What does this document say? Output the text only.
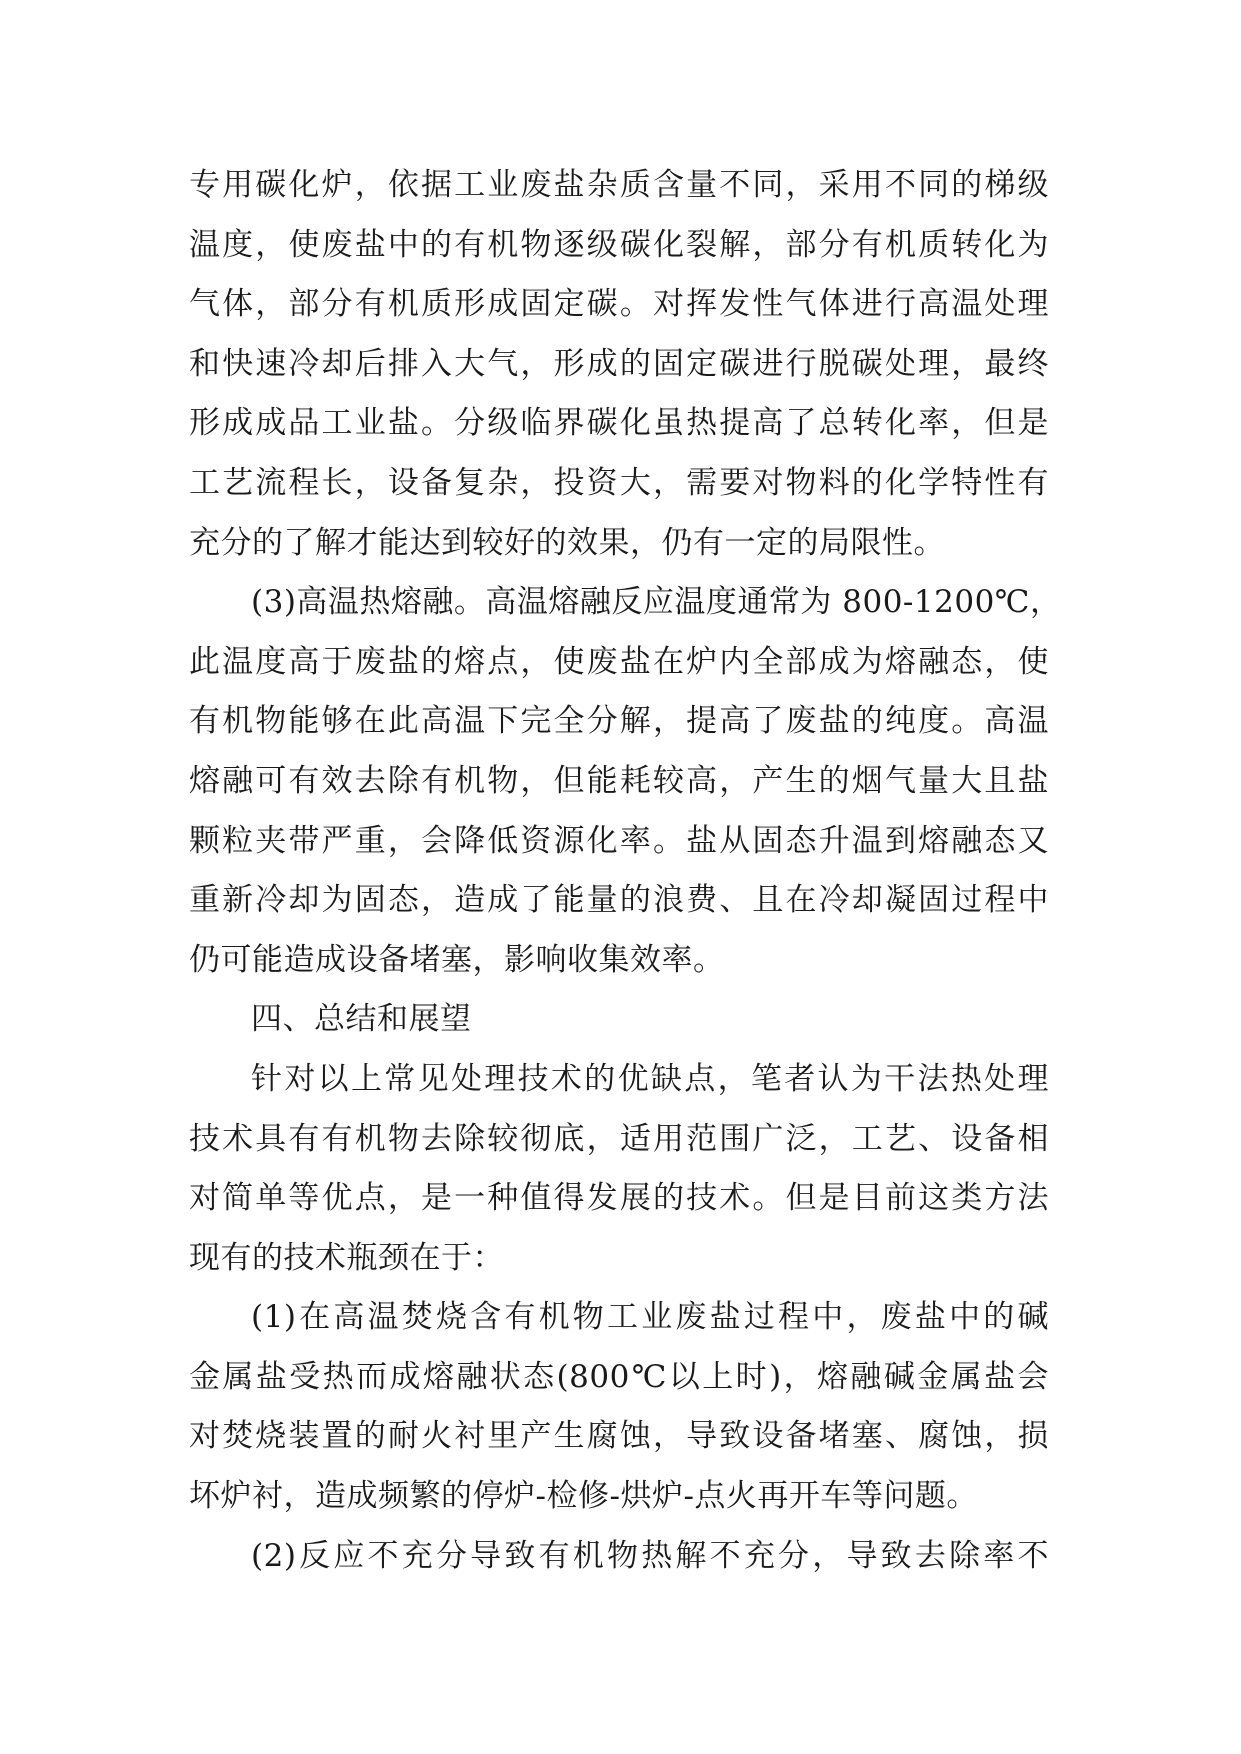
专用碳化炉，依据工业废盐杂质含量不同，采用不同的梯级
温度，使废盐中的有机物逐级碳化裂解，部分有机质转化为
气体，部分有机质形成固定碳。对挥发性气体进行高温处理
和快速冷却后排入大气，形成的固定碳进行脱碳处理，最终
形成成品工业盐。分级临界碳化虽热提高了总转化率，但是
工艺流程长，设备复杂，投资大，需要对物料的化学特性有
充分的了解才能达到较好的效果，仍有一定的局限性。
(3)高温热熔融。高温熔融反应温度通常为 800-1200℃，
此温度高于废盐的熔点，使废盐在炉内全部成为熔融态，使
有机物能够在此高温下完全分解，提高了废盐的纯度。高温
熔融可有效去除有机物，但能耗较高，产生的烟气量大且盐
颗粒夹带严重，会降低资源化率。盐从固态升温到熔融态又
重新冷却为固态，造成了能量的浪费、且在冷却凝固过程中
仍可能造成设备堵塞，影响收集效率。
四、总结和展望
针对以上常见处理技术的优缺点，笔者认为干法热处理
技术具有有机物去除较彻底，适用范围广泛，工艺、设备相
对简单等优点，是一种值得发展的技术。但是目前这类方法
现有的技术瓶颈在于：
(1)在高温焚烧含有机物工业废盐过程中，废盐中的碱
金属盐受热而成熔融状态(800℃以上时)，熔融碱金属盐会
对焚烧装置的耐火衬里产生腐蚀，导致设备堵塞、腐蚀，损
坏炉衬，造成频繁的停炉-检修-烘炉-点火再开车等问题。
(2)反应不充分导致有机物热解不充分，导致去除率不
